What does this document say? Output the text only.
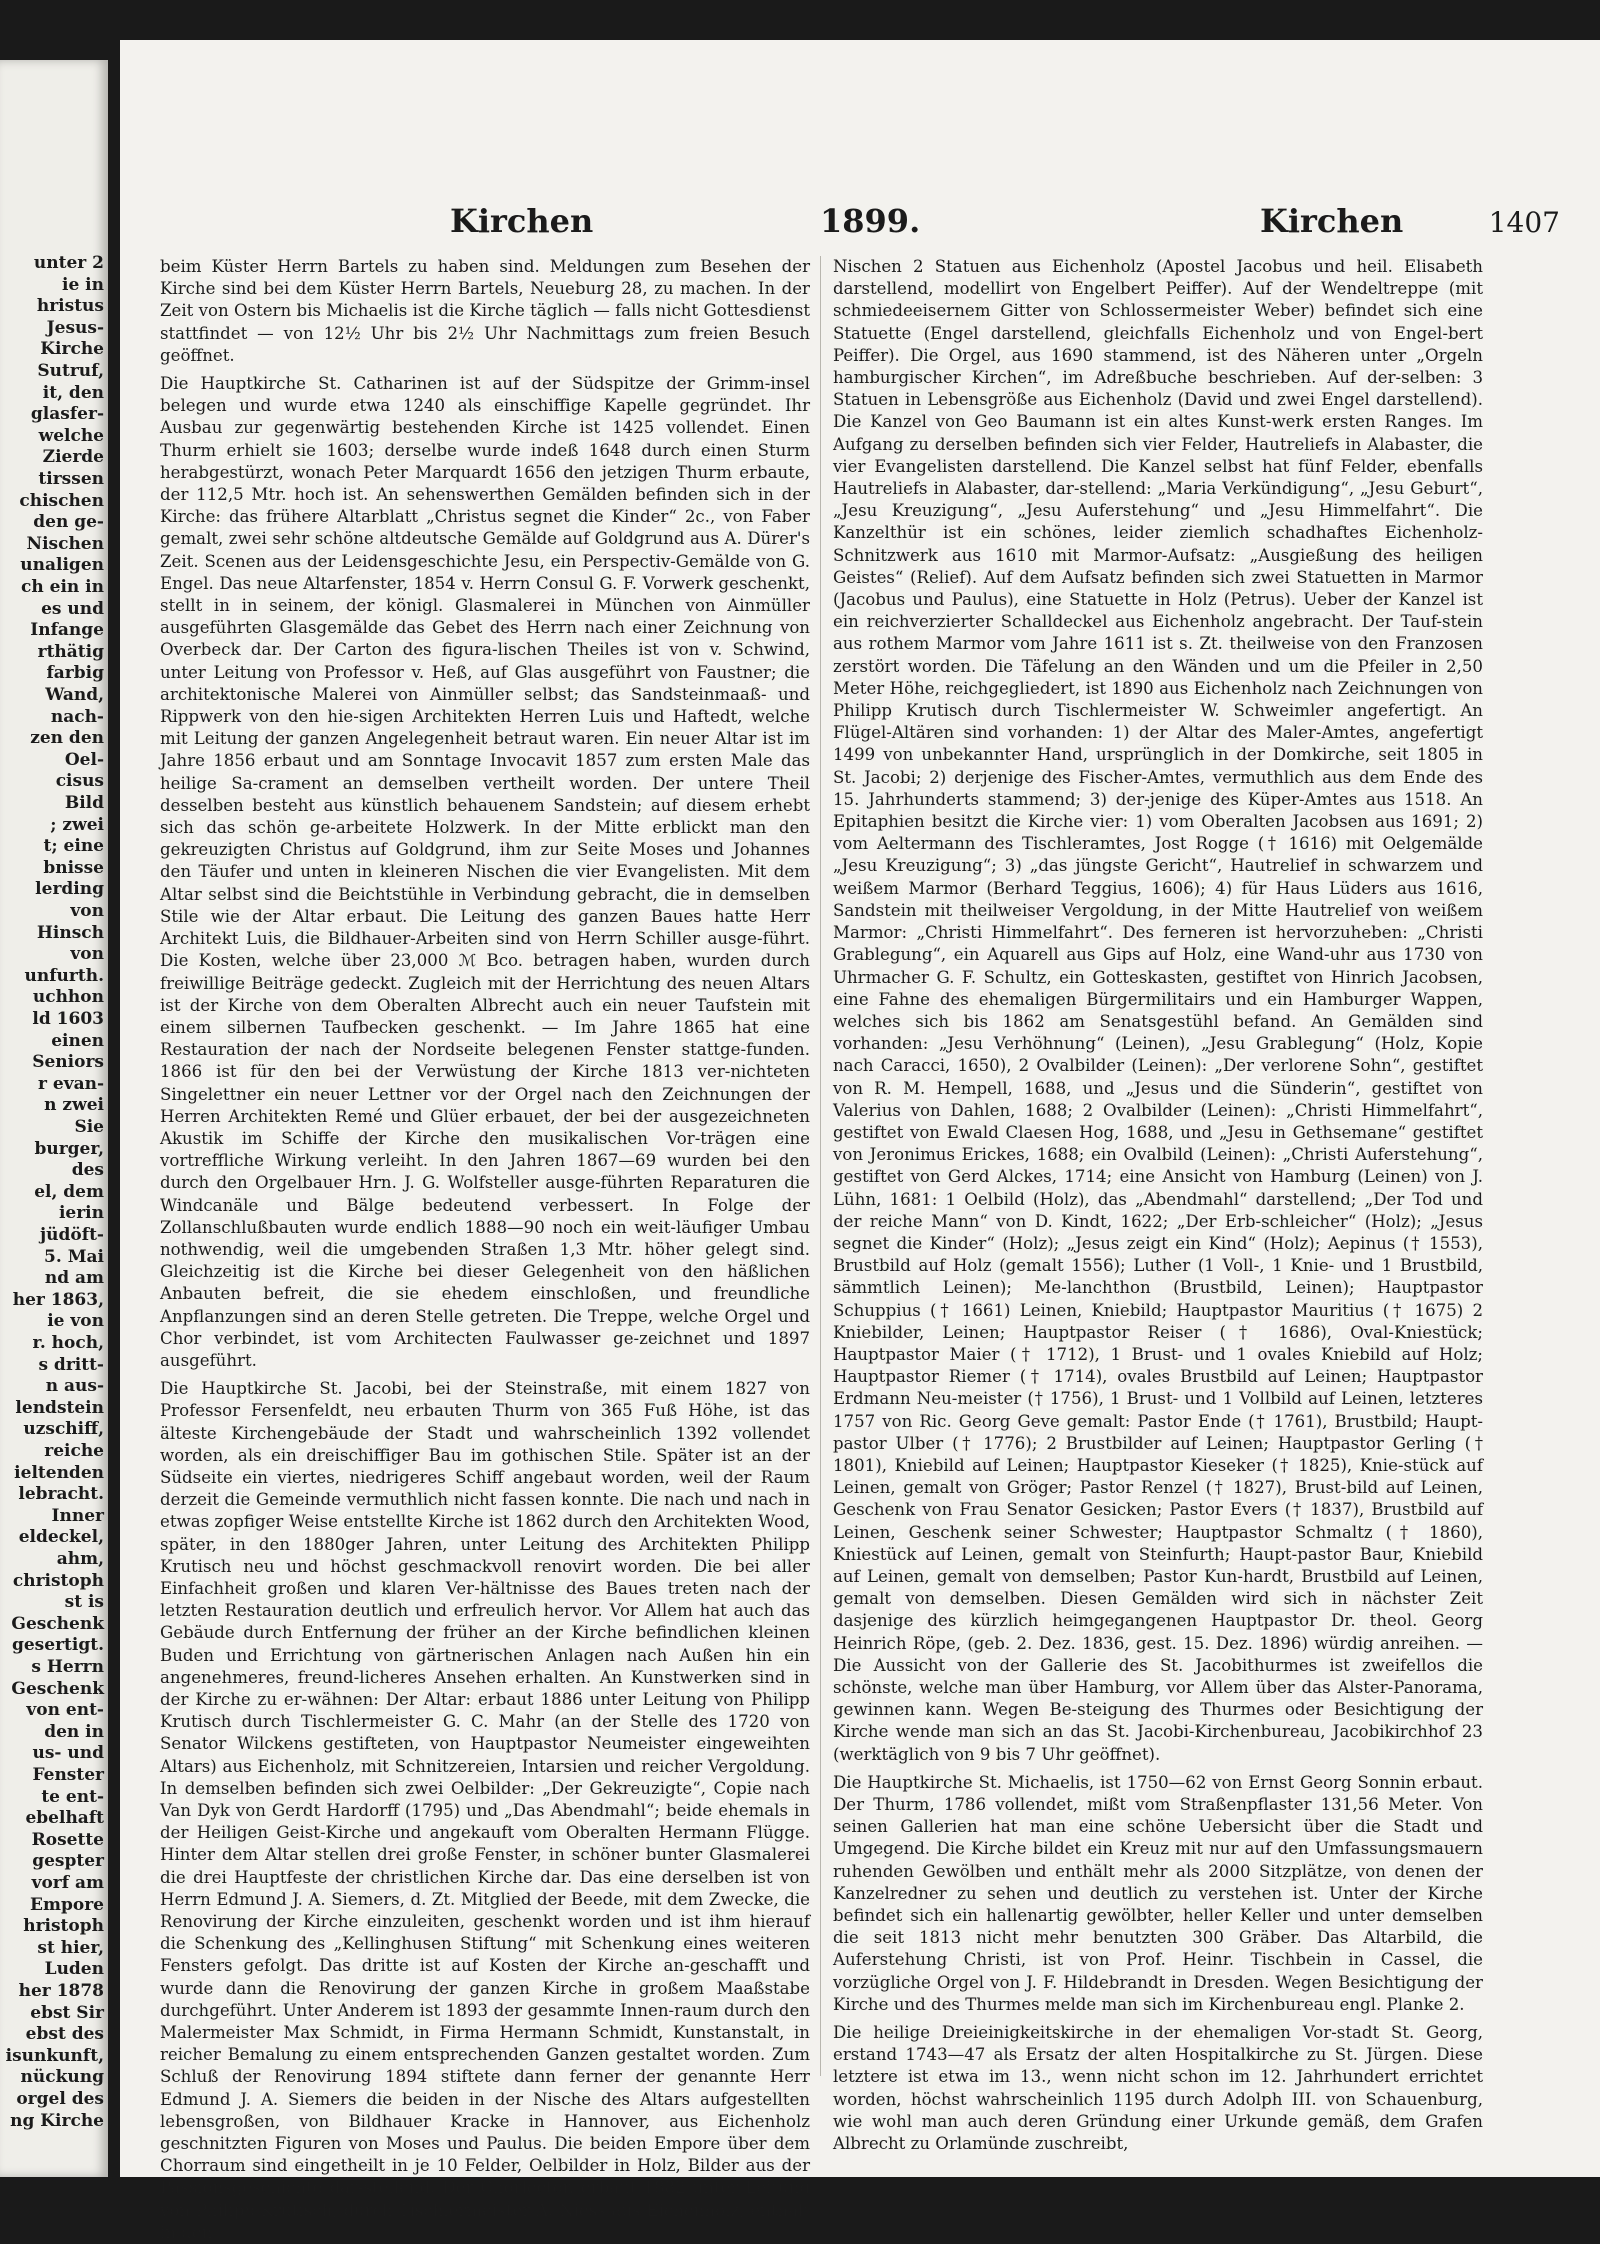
unter 2
ie in
hristus
Jesus-
Kirche
Sutruf,
it, den
glasfer-
welche
Zierde
tirssen
chischen
den ge-
Nischen
unaligen
ch ein in
es und
Infange
rthätig
farbig
Wand,
nach-
zen den
Oel-
cisus
Bild
; zwei
t; eine
bnisse
lerding
von
Hinsch
von
unfurth.
uchhon
ld 1603
einen
Seniors
r evan-
n zwei
Sie
burger,
des
el, dem
ierin
jüdöft-
5. Mai
nd am
her 1863,
ie von
r. hoch,
s dritt-
n aus-
lendstein
uzschiff,
reiche
ieltenden
lebracht.
Inner
eldeckel,
ahm,
christoph
st is
Geschenk
gesertigt.
s Herrn
Geschenk
von ent-
den in
us- und
Fenster
te ent-
ebelhaft
Rosette
gespter
vorf am
Empore
hristoph
st hier,
Luden
her 1878
ebst Sir
ebst des
isunkunft,
nückung
orgel des
ng Kirche
Kirchen	1899.	Kirchen	1407

beim Küster Herrn Bartels zu haben sind. Meldungen zum Besehen der Kirche sind bei dem Küster Herrn Bartels, Neueburg 28, zu machen. In der Zeit von Ostern bis Michaelis ist die Kirche täglich — falls nicht Gottesdienst stattfindet — von 12½ Uhr bis 2½ Uhr Nachmittags zum freien Besuch geöffnet.

Die Hauptkirche St. Catharinen ist auf der Südspitze der Grimm-insel belegen und wurde etwa 1240 als einschiffige Kapelle gegründet. Ihr Ausbau zur gegenwärtig bestehenden Kirche ist 1425 vollendet. Einen Thurm erhielt sie 1603; derselbe wurde indeß 1648 durch einen Sturm herabgestürzt, wonach Peter Marquardt 1656 den jetzigen Thurm erbaute, der 112,5 Mtr. hoch ist. An sehenswerthen Gemälden befinden sich in der Kirche: das frühere Altarblatt „Christus segnet die Kinder“ 2c., von Faber gemalt, zwei sehr schöne altdeutsche Gemälde auf Goldgrund aus A. Dürer's Zeit. Scenen aus der Leidensgeschichte Jesu, ein Perspectiv-Gemälde von G. Engel. Das neue Altarfenster, 1854 v. Herrn Consul G. F. Vorwerk geschenkt, stellt in in seinem, der königl. Glasmalerei in München von Ainmüller ausgeführten Glasgemälde das Gebet des Herrn nach einer Zeichnung von Overbeck dar. Der Carton des figura-lischen Theiles ist von v. Schwind, unter Leitung von Professor v. Heß, auf Glas ausgeführt von Faustner; die architektonische Malerei von Ainmüller selbst; das Sandsteinmaaß- und Rippwerk von den hie-sigen Architekten Herren Luis und Haftedt, welche mit Leitung der ganzen Angelegenheit betraut waren. Ein neuer Altar ist im Jahre 1856 erbaut und am Sonntage Invocavit 1857 zum ersten Male das heilige Sa-crament an demselben vertheilt worden. Der untere Theil desselben besteht aus künstlich behauenem Sandstein; auf diesem erhebt sich das schön ge-arbeitete Holzwerk. In der Mitte erblickt man den gekreuzigten Christus auf Goldgrund, ihm zur Seite Moses und Johannes den Täufer und unten in kleineren Nischen die vier Evangelisten. Mit dem Altar selbst sind die Beichtstühle in Verbindung gebracht, die in demselben Stile wie der Altar erbaut. Die Leitung des ganzen Baues hatte Herr Architekt Luis, die Bildhauer-Arbeiten sind von Herrn Schiller ausge-führt. Die Kosten, welche über 23,000 ℳ Bco. betragen haben, wurden durch freiwillige Beiträge gedeckt. Zugleich mit der Herrichtung des neuen Altars ist der Kirche von dem Oberalten Albrecht auch ein neuer Taufstein mit einem silbernen Taufbecken geschenkt. — Im Jahre 1865 hat eine Restauration der nach der Nordseite belegenen Fenster stattge-funden. 1866 ist für den bei der Verwüstung der Kirche 1813 ver-nichteten Singelettner ein neuer Lettner vor der Orgel nach den Zeichnungen der Herren Architekten Remé und Glüer erbauet, der bei der ausgezeichneten Akustik im Schiffe der Kirche den musikalischen Vor-trägen eine vortreffliche Wirkung verleiht. In den Jahren 1867—69 wurden bei den durch den Orgelbauer Hrn. J. G. Wolfsteller ausge-führten Reparaturen die Windcanäle und Bälge bedeutend verbessert. In Folge der Zollanschlußbauten wurde endlich 1888—90 noch ein weit-läufiger Umbau nothwendig, weil die umgebenden Straßen 1,3 Mtr. höher gelegt sind. Gleichzeitig ist die Kirche bei dieser Gelegenheit von den häßlichen Anbauten befreit, die sie ehedem einschloßen, und freundliche Anpflanzungen sind an deren Stelle getreten. Die Treppe, welche Orgel und Chor verbindet, ist vom Architecten Faulwasser ge-zeichnet und 1897 ausgeführt.

Die Hauptkirche St. Jacobi, bei der Steinstraße, mit einem 1827 von Professor Fersenfeldt, neu erbauten Thurm von 365 Fuß Höhe, ist das älteste Kirchengebäude der Stadt und wahrscheinlich 1392 vollendet worden, als ein dreischiffiger Bau im gothischen Stile. Später ist an der Südseite ein viertes, niedrigeres Schiff angebaut worden, weil der Raum derzeit die Gemeinde vermuthlich nicht fassen konnte. Die nach und nach in etwas zopfiger Weise entstellte Kirche ist 1862 durch den Architekten Wood, später, in den 1880ger Jahren, unter Leitung des Architekten Philipp Krutisch neu und höchst geschmackvoll renovirt worden. Die bei aller Einfachheit großen und klaren Ver-hältnisse des Baues treten nach der letzten Restauration deutlich und erfreulich hervor. Vor Allem hat auch das Gebäude durch Entfernung der früher an der Kirche befindlichen kleinen Buden und Errichtung von gärtnerischen Anlagen nach Außen hin ein angenehmeres, freund-licheres Ansehen erhalten. An Kunstwerken sind in der Kirche zu er-wähnen: Der Altar: erbaut 1886 unter Leitung von Philipp Krutisch durch Tischlermeister G. C. Mahr (an der Stelle des 1720 von Senator Wilckens gestifteten, von Hauptpastor Neumeister eingeweihten Altars) aus Eichenholz, mit Schnitzereien, Intarsien und reicher Vergoldung. In demselben befinden sich zwei Oelbilder: „Der Gekreuzigte“, Copie nach Van Dyk von Gerdt Hardorff (1795) und „Das Abendmahl“; beide ehemals in der Heiligen Geist-Kirche und angekauft vom Oberalten Hermann Flügge. Hinter dem Altar stellen drei große Fenster, in schöner bunter Glasmalerei die drei Hauptfeste der christlichen Kirche dar. Das eine derselben ist von Herrn Edmund J. A. Siemers, d. Zt. Mitglied der Beede, mit dem Zwecke, die Renovirung der Kirche einzuleiten, geschenkt worden und ist ihm hierauf die Schenkung des „Kellinghusen Stiftung“ mit Schenkung eines weiteren Fensters gefolgt. Das dritte ist auf Kosten der Kirche an-geschafft und wurde dann die Renovirung der ganzen Kirche in großem Maaßstabe durchgeführt. Unter Anderem ist 1893 der gesammte Innen-raum durch den Malermeister Max Schmidt, in Firma Hermann Schmidt, Kunstanstalt, in reicher Bemalung zu einem entsprechenden Ganzen gestaltet worden. Zum Schluß der Renovirung 1894 stiftete dann ferner der genannte Herr Edmund J. A. Siemers die beiden in der Nische des Altars aufgestellten lebensgroßen, von Bildhauer Kracke in Hannover, aus Eichenholz geschnitzten Figuren von Moses und Paulus. Die beiden Empore über dem Chorraum sind eingetheilt in je 10 Felder, Oelbilder in Holz, Bilder aus der Passionsgeschichte dar-stellend. Der Chorlector, erbaut 1882 unter Leitung von Philipp Krutisch, durch Tischlermeister A. Niess aus Eichenholz, enthält in den

Nischen 2 Statuen aus Eichenholz (Apostel Jacobus und heil. Elisabeth darstellend, modellirt von Engelbert Peiffer). Auf der Wendeltreppe (mit schmiedeeisernem Gitter von Schlossermeister Weber) befindet sich eine Statuette (Engel darstellend, gleichfalls Eichenholz und von Engel-bert Peiffer). Die Orgel, aus 1690 stammend, ist des Näheren unter „Orgeln hamburgischer Kirchen“, im Adreßbuche beschrieben. Auf der-selben: 3 Statuen in Lebensgröße aus Eichenholz (David und zwei Engel darstellend). Die Kanzel von Geo Baumann ist ein altes Kunst-werk ersten Ranges. Im Aufgang zu derselben befinden sich vier Felder, Hautreliefs in Alabaster, die vier Evangelisten darstellend. Die Kanzel selbst hat fünf Felder, ebenfalls Hautreliefs in Alabaster, dar-stellend: „Maria Verkündigung“, „Jesu Geburt“, „Jesu Kreuzigung“, „Jesu Auferstehung“ und „Jesu Himmelfahrt“. Die Kanzelthür ist ein schönes, leider ziemlich schadhaftes Eichenholz-Schnitzwerk aus 1610 mit Marmor-Aufsatz: „Ausgießung des heiligen Geistes“ (Relief). Auf dem Aufsatz befinden sich zwei Statuetten in Marmor (Jacobus und Paulus), eine Statuette in Holz (Petrus). Ueber der Kanzel ist ein reichverzierter Schalldeckel aus Eichenholz angebracht. Der Tauf-stein aus rothem Marmor vom Jahre 1611 ist s. Zt. theilweise von den Franzosen zerstört worden. Die Täfelung an den Wänden und um die Pfeiler in 2,50 Meter Höhe, reichgegliedert, ist 1890 aus Eichenholz nach Zeichnungen von Philipp Krutisch durch Tischlermeister W. Schweimler angefertigt. An Flügel-Altären sind vorhanden: 1) der Altar des Maler-Amtes, angefertigt 1499 von unbekannter Hand, ursprünglich in der Domkirche, seit 1805 in St. Jacobi; 2) derjenige des Fischer-Amtes, vermuthlich aus dem Ende des 15. Jahrhunderts stammend; 3) der-jenige des Küper-Amtes aus 1518. An Epitaphien besitzt die Kirche vier: 1) vom Oberalten Jacobsen aus 1691; 2) vom Aeltermann des Tischleramtes, Jost Rogge († 1616) mit Oelgemälde „Jesu Kreuzigung“; 3) „das jüngste Gericht“, Hautrelief in schwarzem und weißem Marmor (Berhard Teggius, 1606); 4) für Haus Lüders aus 1616, Sandstein mit theilweiser Vergoldung, in der Mitte Hautrelief von weißem Marmor: „Christi Himmelfahrt“. Des ferneren ist hervorzuheben: „Christi Grablegung“, ein Aquarell aus Gips auf Holz, eine Wand-uhr aus 1730 von Uhrmacher G. F. Schultz, ein Gotteskasten, gestiftet von Hinrich Jacobsen, eine Fahne des ehemaligen Bürgermilitairs und ein Hamburger Wappen, welches sich bis 1862 am Senatsgestühl befand. An Gemälden sind vorhanden: „Jesu Verhöhnung“ (Leinen), „Jesu Grablegung“ (Holz, Kopie nach Caracci, 1650), 2 Ovalbilder (Leinen): „Der verlorene Sohn“, gestiftet von R. M. Hempell, 1688, und „Jesus und die Sünderin“, gestiftet von Valerius von Dahlen, 1688; 2 Ovalbilder (Leinen): „Christi Himmelfahrt“, gestiftet von Ewald Claesen Hog, 1688, und „Jesu in Gethsemane“ gestiftet von Jeronimus Erickes, 1688; ein Ovalbild (Leinen): „Christi Auferstehung“, gestiftet von Gerd Alckes, 1714; eine Ansicht von Hamburg (Leinen) von J. Lühn, 1681: 1 Oelbild (Holz), das „Abendmahl“ darstellend; „Der Tod und der reiche Mann“ von D. Kindt, 1622; „Der Erb-schleicher“ (Holz); „Jesus segnet die Kinder“ (Holz); „Jesus zeigt ein Kind“ (Holz); Aepinus († 1553), Brustbild auf Holz (gemalt 1556); Luther (1 Voll-, 1 Knie- und 1 Brustbild, sämmtlich Leinen); Me-lanchthon (Brustbild, Leinen); Hauptpastor Schuppius († 1661) Leinen, Kniebild; Hauptpastor Mauritius († 1675) 2 Kniebilder, Leinen; Hauptpastor Reiser († 1686), Oval-Kniestück; Hauptpastor Maier († 1712), 1 Brust- und 1 ovales Kniebild auf Holz; Hauptpastor Riemer († 1714), ovales Brustbild auf Leinen; Hauptpastor Erdmann Neu-meister († 1756), 1 Brust- und 1 Vollbild auf Leinen, letzteres 1757 von Ric. Georg Geve gemalt: Pastor Ende († 1761), Brustbild; Haupt-pastor Ulber († 1776); 2 Brustbilder auf Leinen; Hauptpastor Gerling († 1801), Kniebild auf Leinen; Hauptpastor Kieseker († 1825), Knie-stück auf Leinen, gemalt von Gröger; Pastor Renzel († 1827), Brust-bild auf Leinen, Geschenk von Frau Senator Gesicken; Pastor Evers († 1837), Brustbild auf Leinen, Geschenk seiner Schwester; Hauptpastor Schmaltz († 1860), Kniestück auf Leinen, gemalt von Steinfurth; Haupt-pastor Baur, Kniebild auf Leinen, gemalt von demselben; Pastor Kun-hardt, Brustbild auf Leinen, gemalt von demselben. Diesen Gemälden wird sich in nächster Zeit dasjenige des kürzlich heimgegangenen Hauptpastor Dr. theol. Georg Heinrich Röpe, (geb. 2. Dez. 1836, gest. 15. Dez. 1896) würdig anreihen. — Die Aussicht von der Gallerie des St. Jacobithurmes ist zweifellos die schönste, welche man über Hamburg, vor Allem über das Alster-Panorama, gewinnen kann. Wegen Be-steigung des Thurmes oder Besichtigung der Kirche wende man sich an das St. Jacobi-Kirchenbureau, Jacobikirchhof 23 (werktäglich von 9 bis 7 Uhr geöffnet).

Die Hauptkirche St. Michaelis, ist 1750—62 von Ernst Georg Sonnin erbaut. Der Thurm, 1786 vollendet, mißt vom Straßenpflaster 131,56 Meter. Von seinen Gallerien hat man eine schöne Uebersicht über die Stadt und Umgegend. Die Kirche bildet ein Kreuz mit nur auf den Umfassungsmauern ruhenden Gewölben und enthält mehr als 2000 Sitzplätze, von denen der Kanzelredner zu sehen und deutlich zu verstehen ist. Unter der Kirche befindet sich ein hallenartig gewölbter, heller Keller und unter demselben die seit 1813 nicht mehr benutzten 300 Gräber. Das Altarbild, die Auferstehung Christi, ist von Prof. Heinr. Tischbein in Cassel, die vorzügliche Orgel von J. F. Hildebrandt in Dresden. Wegen Besichtigung der Kirche und des Thurmes melde man sich im Kirchenbureau engl. Planke 2.

Die heilige Dreieinigkeitskirche in der ehemaligen Vor-stadt St. Georg, erstand 1743—47 als Ersatz der alten Hospitalkirche zu St. Jürgen. Diese letztere ist etwa im 13., wenn nicht schon im 12. Jahrhundert errichtet worden, höchst wahrscheinlich 1195 durch Adolph III. von Schauenburg, wie wohl man auch deren Gründung einer Urkunde gemäß, dem Grafen Albrecht zu Orlamünde zuschreibt,
